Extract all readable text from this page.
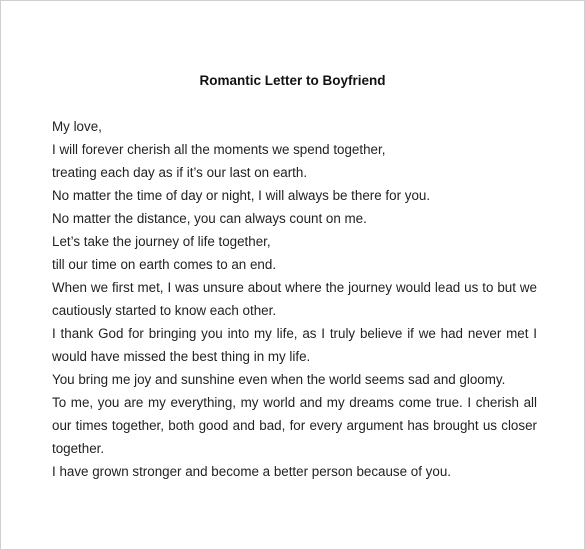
Romantic Letter to Boyfriend
My love,
I will forever cherish all the moments we spend together,
treating each day as if it’s our last on earth.
No matter the time of day or night, I will always be there for you.
No matter the distance, you can always count on me.
Let’s take the journey of life together,
till our time on earth comes to an end.
When we first met, I was unsure about where the journey would lead us to but we
cautiously started to know each other.
I thank God for bringing you into my life, as I truly believe if we had never met I
would have missed the best thing in my life.
You bring me joy and sunshine even when the world seems sad and gloomy.
To me, you are my everything, my world and my dreams come true. I cherish all
our times together, both good and bad, for every argument has brought us closer
together.
I have grown stronger and become a better person because of you.
